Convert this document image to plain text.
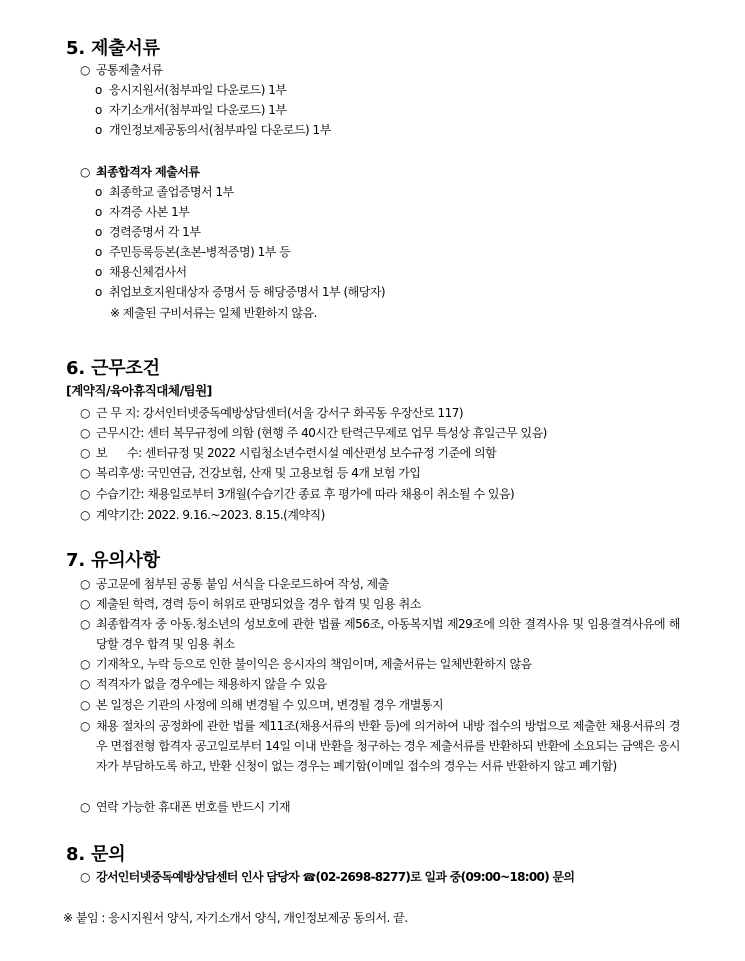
5. 제출서류
○ 공통제출서류
o 응시지원서(첨부파일 다운로드) 1부
o 자기소개서(첨부파일 다운로드) 1부
o 개인정보제공동의서(첨부파일 다운로드) 1부
○ 최종합격자 제출서류
o 최종학교 졸업증명서 1부
o 자격증 사본 1부
o 경력증명서 각 1부
o 주민등록등본(초본-병적증명) 1부 등
o 채용신체검사서
o 취업보호지원대상자 증명서 등 해당증명서 1부 (해당자)
※ 제출된 구비서류는 일체 반환하지 않음.
6. 근무조건
[계약직/육아휴직대체/팀원]
○ 근 무 지: 강서인터넷중독예방상담센터(서울 강서구 화곡동 우장산로 117)
○ 근무시간: 센터 복무규정에 의함 (현행 주 40시간 탄력근무제로 업무 특성상 휴일근무 있음)
○ 보      수: 센터규정 및 2022 시립청소년수련시설 예산편성 보수규정 기준에 의함
○ 복리후생: 국민연금, 건강보험, 산재 및 고용보험 등 4개 보험 가입
○ 수습기간: 채용일로부터 3개월(수습기간 종료 후 평가에 따라 채용이 취소될 수 있음)
○ 계약기간: 2022. 9.16.~2023. 8.15.(계약직)
7. 유의사항
○ 공고문에 첨부된 공통 붙임 서식을 다운로드하여 작성, 제출
○ 제출된 학력, 경력 등이 허위로 판명되었을 경우 합격 및 임용 취소
○ 최종합격자 중 아동.청소년의 성보호에 관한 법률 제56조, 아동복지법 제29조에 의한 결격사유 및 임용결격사유에 해당할 경우 합격 및 임용 취소
○ 기재착오, 누락 등으로 인한 불이익은 응시자의 책임이며, 제출서류는 일체반환하지 않음
○ 적격자가 없을 경우에는 채용하지 않을 수 있음
○ 본 일정은 기관의 사정에 의해 변경될 수 있으며, 변경될 경우 개별통지
○ 채용 절차의 공정화에 관한 법률 제11조(채용서류의 반환 등)에 의거하여 내방 접수의 방법으로 제출한 채용서류의 경우 면접전형 합격자 공고일로부터 14일 이내 반환을 청구하는 경우 제출서류를 반환하되 반환에 소요되는 금액은 응시자가 부담하도록 하고, 반환 신청이 없는 경우는 폐기함(이메일 접수의 경우는 서류 반환하지 않고 폐기함)
○ 연락 가능한 휴대폰 번호를 반드시 기재
8. 문의
○ 강서인터넷중독예방상담센터 인사 담당자 ☎(02-2698-8277)로 일과 중(09:00~18:00) 문의
※ 붙임 : 응시지원서 양식, 자기소개서 양식, 개인정보제공 동의서. 끝.
